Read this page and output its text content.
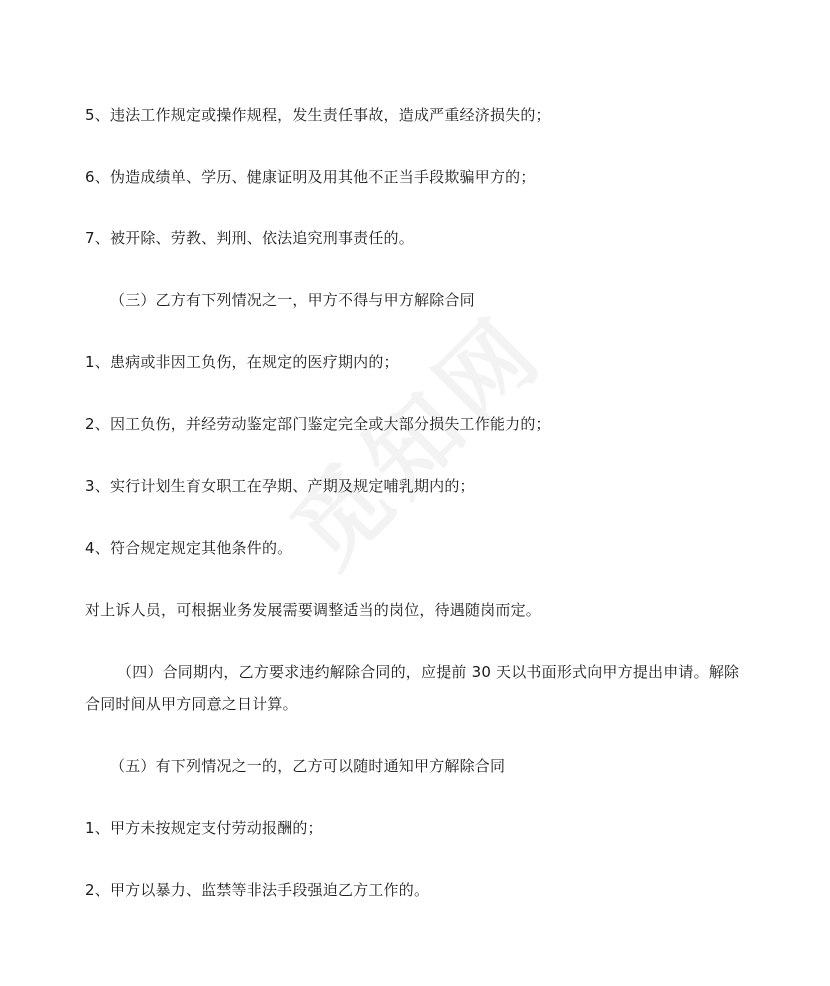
5、违法工作规定或操作规程，发生责任事故，造成严重经济损失的；

6、伪造成绩单、学历、健康证明及用其他不正当手段欺骗甲方的；

7、被开除、劳教、判刑、依法追究刑事责任的。

（三）乙方有下列情况之一，甲方不得与甲方解除合同

1、患病或非因工负伤，在规定的医疗期内的；

2、因工负伤，并经劳动鉴定部门鉴定完全或大部分损失工作能力的；

3、实行计划生育女职工在孕期、产期及规定哺乳期内的；

4、符合规定规定其他条件的。

对上诉人员，可根据业务发展需要调整适当的岗位，待遇随岗而定。

（四）合同期内，乙方要求违约解除合同的，应提前 30 天以书面形式向甲方提出申请。解除合同时间从甲方同意之日计算。

（五）有下列情况之一的，乙方可以随时通知甲方解除合同

1、甲方未按规定支付劳动报酬的；

2、甲方以暴力、监禁等非法手段强迫乙方工作的。
